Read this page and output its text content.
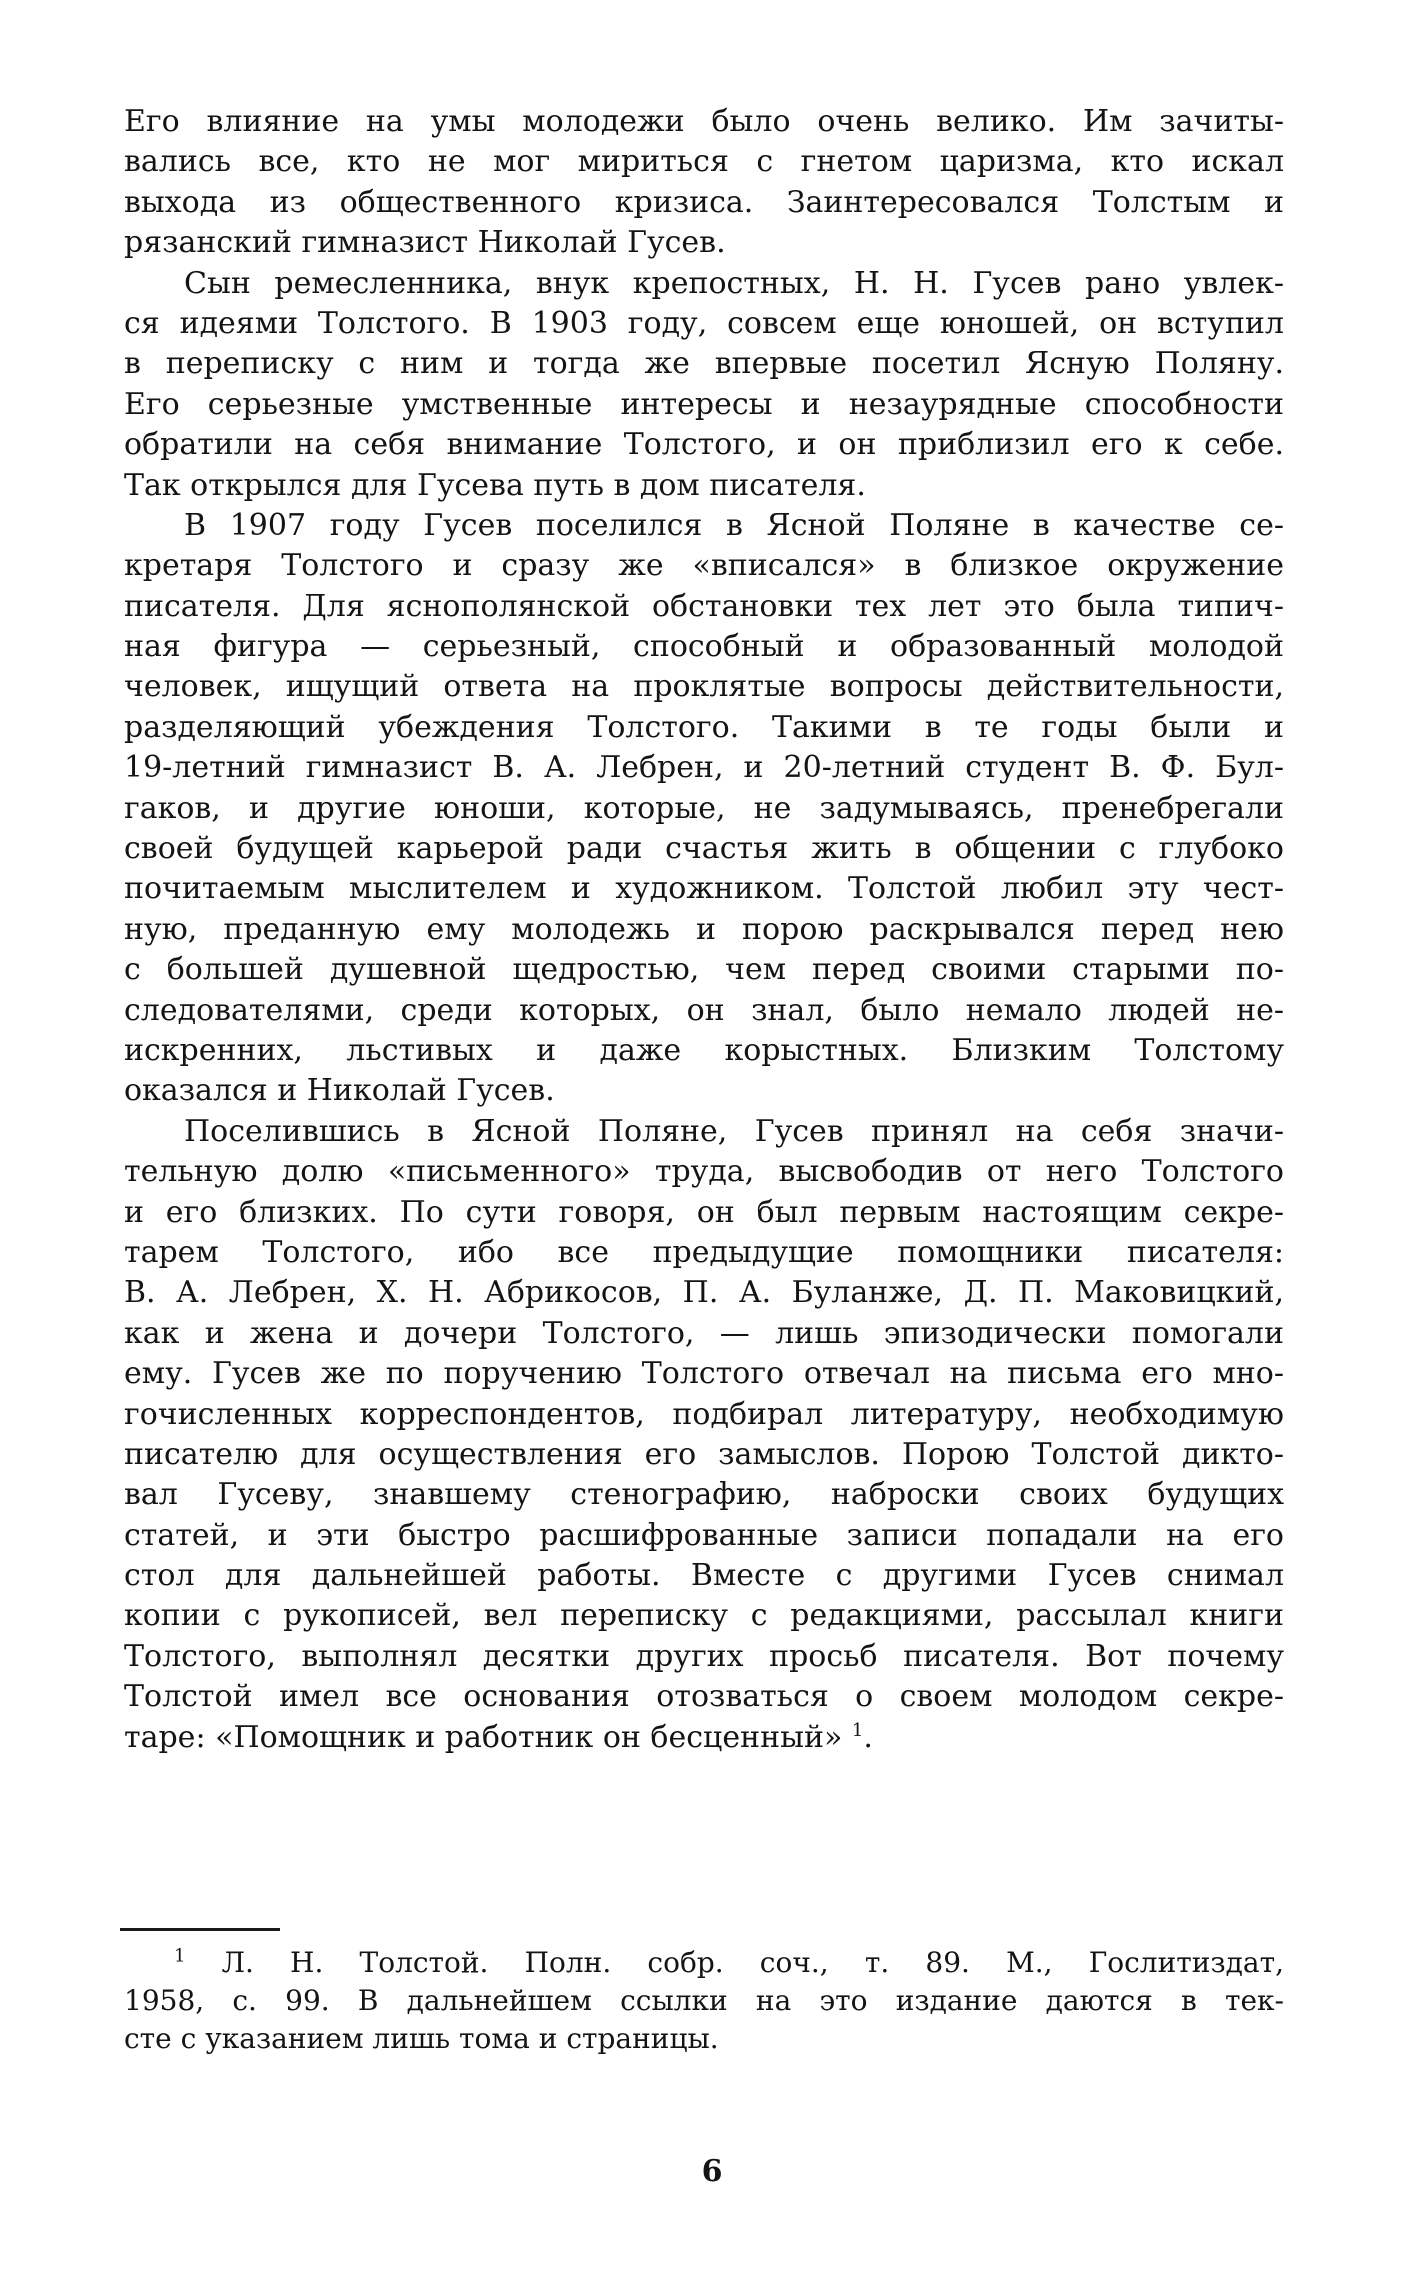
Его влияние на умы молодежи было очень велико. Им зачиты-
вались все, кто не мог мириться с гнетом царизма, кто искал
выхода из общественного кризиса. Заинтересовался Толстым и
рязанский гимназист Николай Гусев.
Сын ремесленника, внук крепостных, Н. Н. Гусев рано увлек-
ся идеями Толстого. В 1903 году, совсем еще юношей, он вступил
в переписку с ним и тогда же впервые посетил Ясную Поляну.
Его серьезные умственные интересы и незаурядные способности
обратили на себя внимание Толстого, и он приблизил его к себе.
Так открылся для Гусева путь в дом писателя.
В 1907 году Гусев поселился в Ясной Поляне в качестве се-
кретаря Толстого и сразу же «вписался» в близкое окружение
писателя. Для яснополянской обстановки тех лет это была типич-
ная фигура — серьезный, способный и образованный молодой
человек, ищущий ответа на проклятые вопросы действительности,
разделяющий убеждения Толстого. Такими в те годы были и
19-летний гимназист В. А. Лебрен, и 20-летний студент В. Ф. Бул-
гаков, и другие юноши, которые, не задумываясь, пренебрегали
своей будущей карьерой ради счастья жить в общении с глубоко
почитаемым мыслителем и художником. Толстой любил эту чест-
ную, преданную ему молодежь и порою раскрывался перед нею
с большей душевной щедростью, чем перед своими старыми по-
следователями, среди которых, он знал, было немало людей не-
искренних, льстивых и даже корыстных. Близким Толстому
оказался и Николай Гусев.
Поселившись в Ясной Поляне, Гусев принял на себя значи-
тельную долю «письменного» труда, высвободив от него Толстого
и его близких. По сути говоря, он был первым настоящим секре-
тарем Толстого, ибо все предыдущие помощники писателя:
В. А. Лебрен, Х. Н. Абрикосов, П. А. Буланже, Д. П. Маковицкий,
как и жена и дочери Толстого, — лишь эпизодически помогали
ему. Гусев же по поручению Толстого отвечал на письма его мно-
гочисленных корреспондентов, подбирал литературу, необходимую
писателю для осуществления его замыслов. Порою Толстой дикто-
вал Гусеву, знавшему стенографию, наброски своих будущих
статей, и эти быстро расшифрованные записи попадали на его
стол для дальнейшей работы. Вместе с другими Гусев снимал
копии с рукописей, вел переписку с редакциями, рассылал книги
Толстого, выполнял десятки других просьб писателя. Вот почему
Толстой имел все основания отозваться о своем молодом секре-
таре: «Помощник и работник он бесценный» $^1$.
$^1$ Л. Н. Толстой. Полн. собр. соч., т. 89. М., Гослитиздат,
1958, с. 99. В дальнейшем ссылки на это издание даются в тек-
сте с указанием лишь тома и страницы.
6
